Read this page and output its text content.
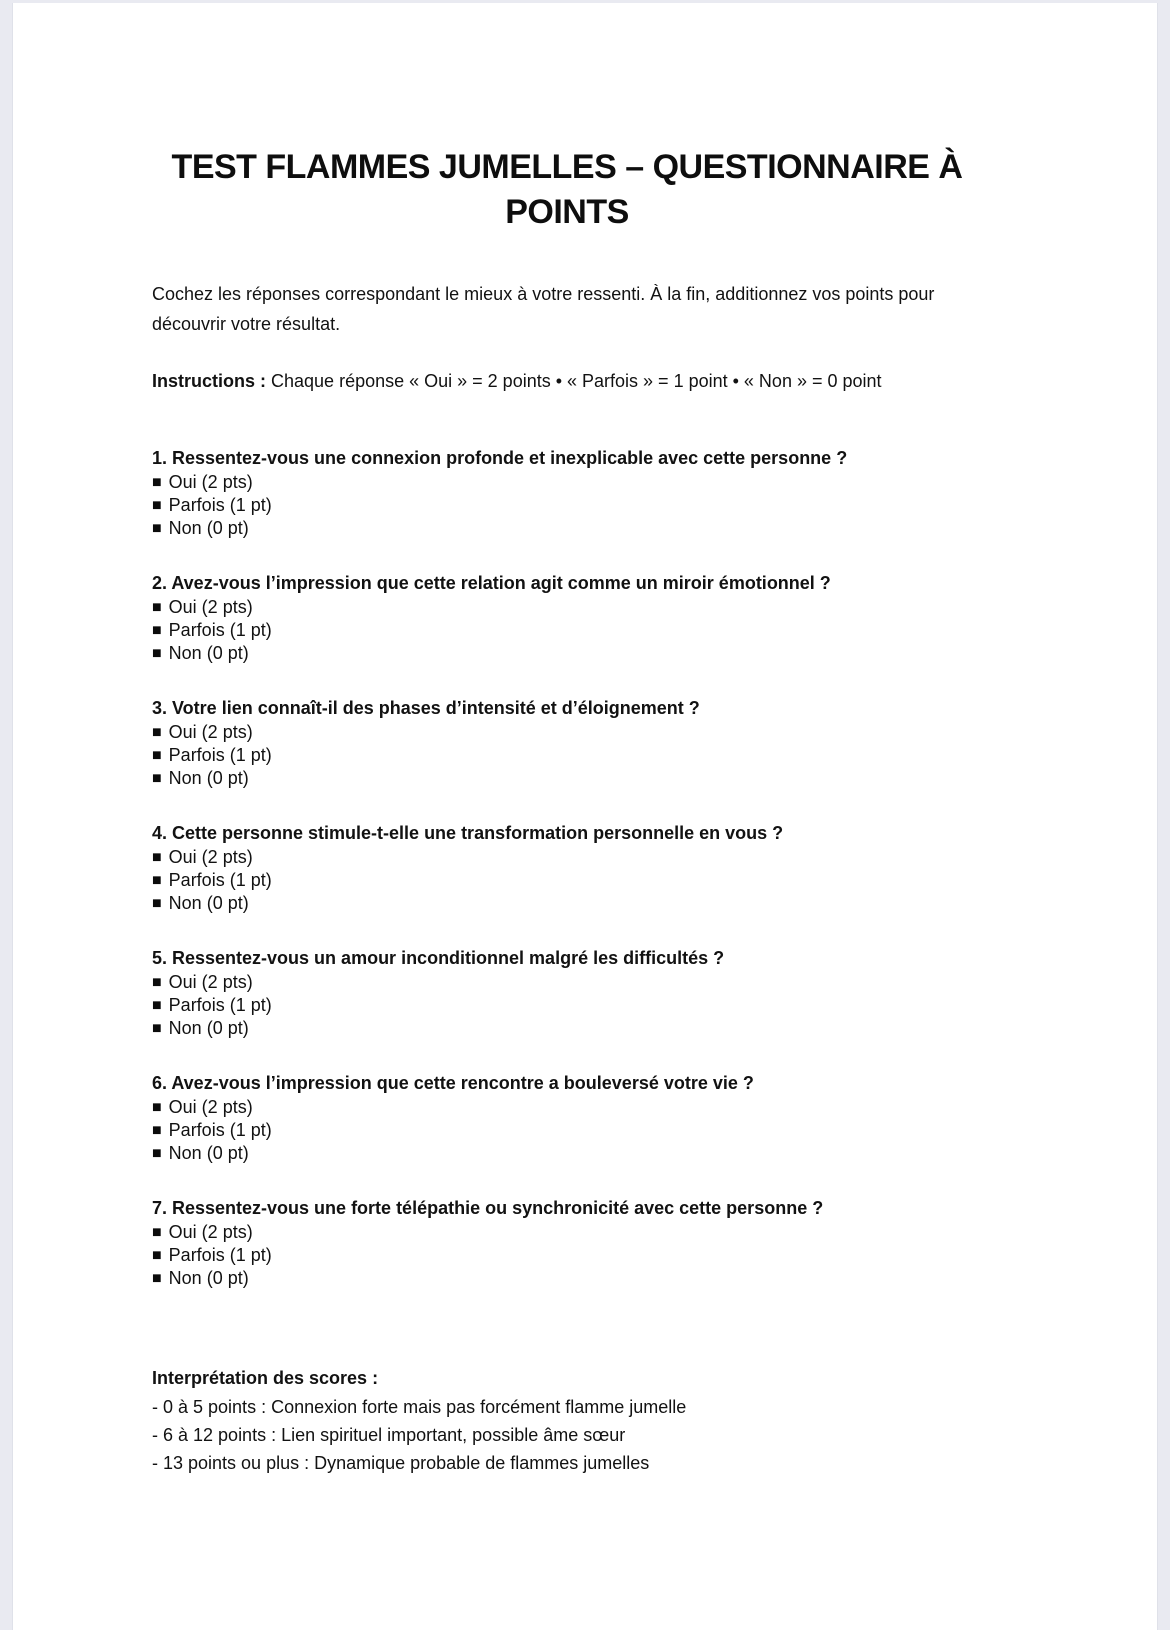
TEST FLAMMES JUMELLES – QUESTIONNAIRE À
POINTS

Cochez les réponses correspondant le mieux à votre ressenti. À la fin, additionnez vos points pour découvrir votre résultat.

Instructions : Chaque réponse « Oui » = 2 points • « Parfois » = 1 point • « Non » = 0 point

1. Ressentez-vous une connexion profonde et inexplicable avec cette personne ?
■ Oui (2 pts)
■ Parfois (1 pt)
■ Non (0 pt)
2. Avez-vous l’impression que cette relation agit comme un miroir émotionnel ?
■ Oui (2 pts)
■ Parfois (1 pt)
■ Non (0 pt)
3. Votre lien connaît-il des phases d’intensité et d’éloignement ?
■ Oui (2 pts)
■ Parfois (1 pt)
■ Non (0 pt)
4. Cette personne stimule-t-elle une transformation personnelle en vous ?
■ Oui (2 pts)
■ Parfois (1 pt)
■ Non (0 pt)
5. Ressentez-vous un amour inconditionnel malgré les difficultés ?
■ Oui (2 pts)
■ Parfois (1 pt)
■ Non (0 pt)
6. Avez-vous l’impression que cette rencontre a bouleversé votre vie ?
■ Oui (2 pts)
■ Parfois (1 pt)
■ Non (0 pt)
7. Ressentez-vous une forte télépathie ou synchronicité avec cette personne ?
■ Oui (2 pts)
■ Parfois (1 pt)
■ Non (0 pt)

Interprétation des scores :

- 0 à 5 points : Connexion forte mais pas forcément flamme jumelle

- 6 à 12 points : Lien spirituel important, possible âme sœur

- 13 points ou plus : Dynamique probable de flammes jumelles
